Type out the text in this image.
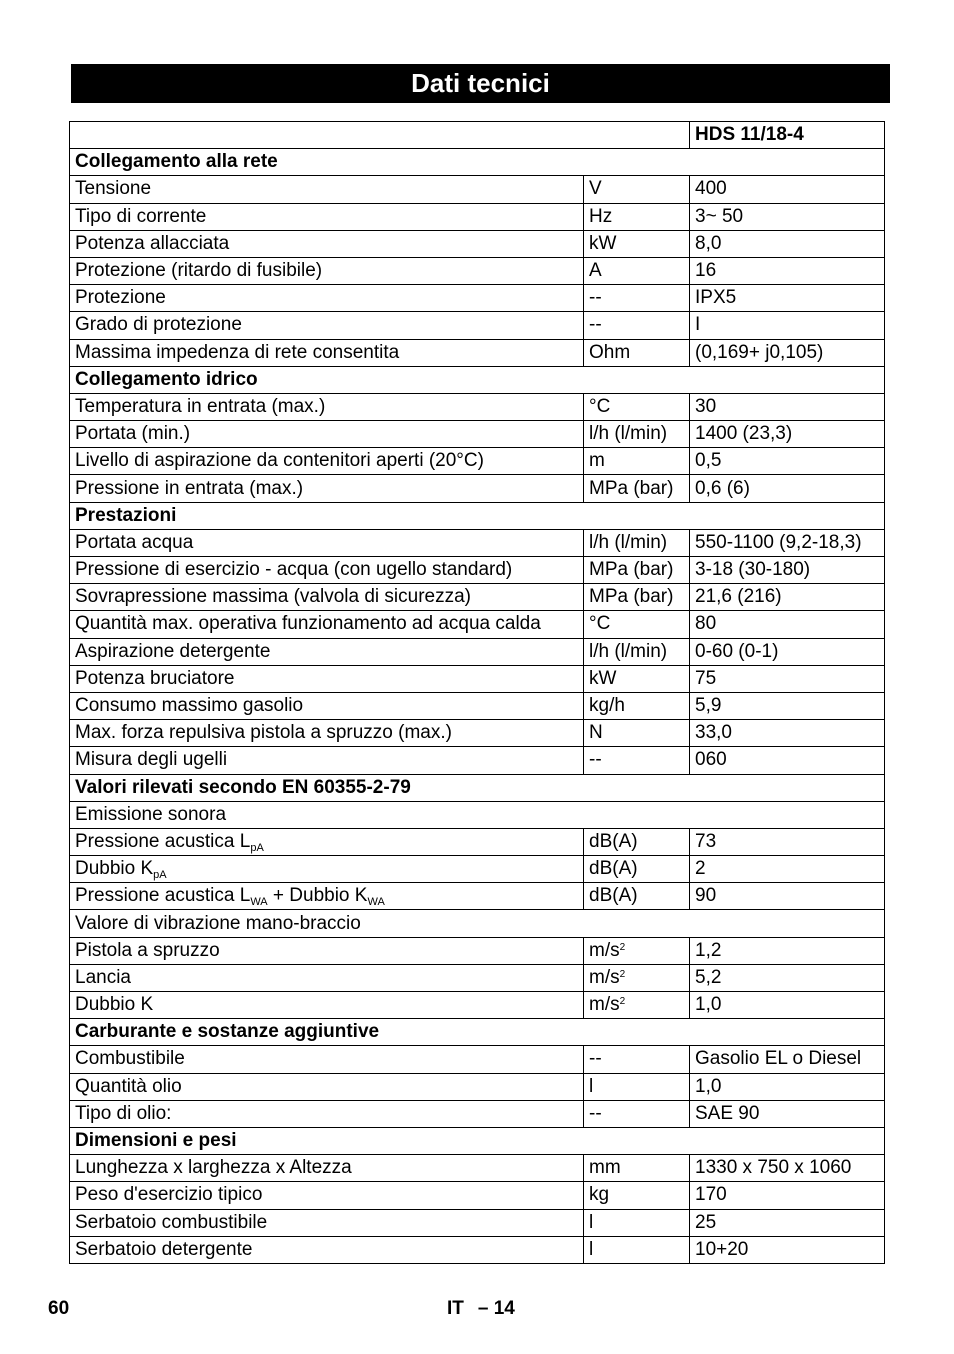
Dati tecnici
		HDS 11/18-4
Collegamento alla rete		
Tensione	V	400
Tipo di corrente	Hz	3~ 50
Potenza allacciata	kW	8,0
Protezione (ritardo di fusibile)	A	16
Protezione	--	IPX5
Grado di protezione	--	I
Massima impedenza di rete consentita	Ohm	(0,169+ j0,105)
Collegamento idrico		
Temperatura in entrata (max.)	°C	30
Portata (min.)	l/h (l/min)	1400 (23,3)
Livello di aspirazione da contenitori aperti (20°C)	m	0,5
Pressione in entrata (max.)	MPa (bar)	0,6 (6)
Prestazioni		
Portata acqua	l/h (l/min)	550-1100 (9,2-18,3)
Pressione di esercizio - acqua (con ugello standard)	MPa (bar)	3-18 (30-180)
Sovrapressione massima (valvola di sicurezza)	MPa (bar)	21,6 (216)
Quantità max. operativa funzionamento ad acqua calda	°C	80
Aspirazione detergente	l/h (l/min)	0-60 (0-1)
Potenza bruciatore	kW	75
Consumo massimo gasolio	kg/h	5,9
Max. forza repulsiva pistola a spruzzo (max.)	N	33,0
Misura degli ugelli	--	060
Valori rilevati secondo EN 60355-2-79		
Emissione sonora		
Pressione acustica $L_{pA}$	dB(A)	73
Dubbio $K_{pA}$	dB(A)	2
Pressione acustica $L_{WA}$ + Dubbio $K_{WA}$	dB(A)	90
Valore di vibrazione mano-braccio		
Pistola a spruzzo	$m/s^2$	1,2
Lancia	$m/s^2$	5,2
Dubbio K	$m/s^2$	1,0
Carburante e sostanze aggiuntive		
Combustibile	--	Gasolio EL o Diesel
Quantità olio	l	1,0
Tipo di olio:	--	SAE 90
Dimensioni e pesi		
Lunghezza x larghezza x Altezza	mm	1330 x 750 x 1060
Peso d'esercizio tipico	kg	170
Serbatoio combustibile	l	25
Serbatoio detergente	l	10+20
60	IT – 14
